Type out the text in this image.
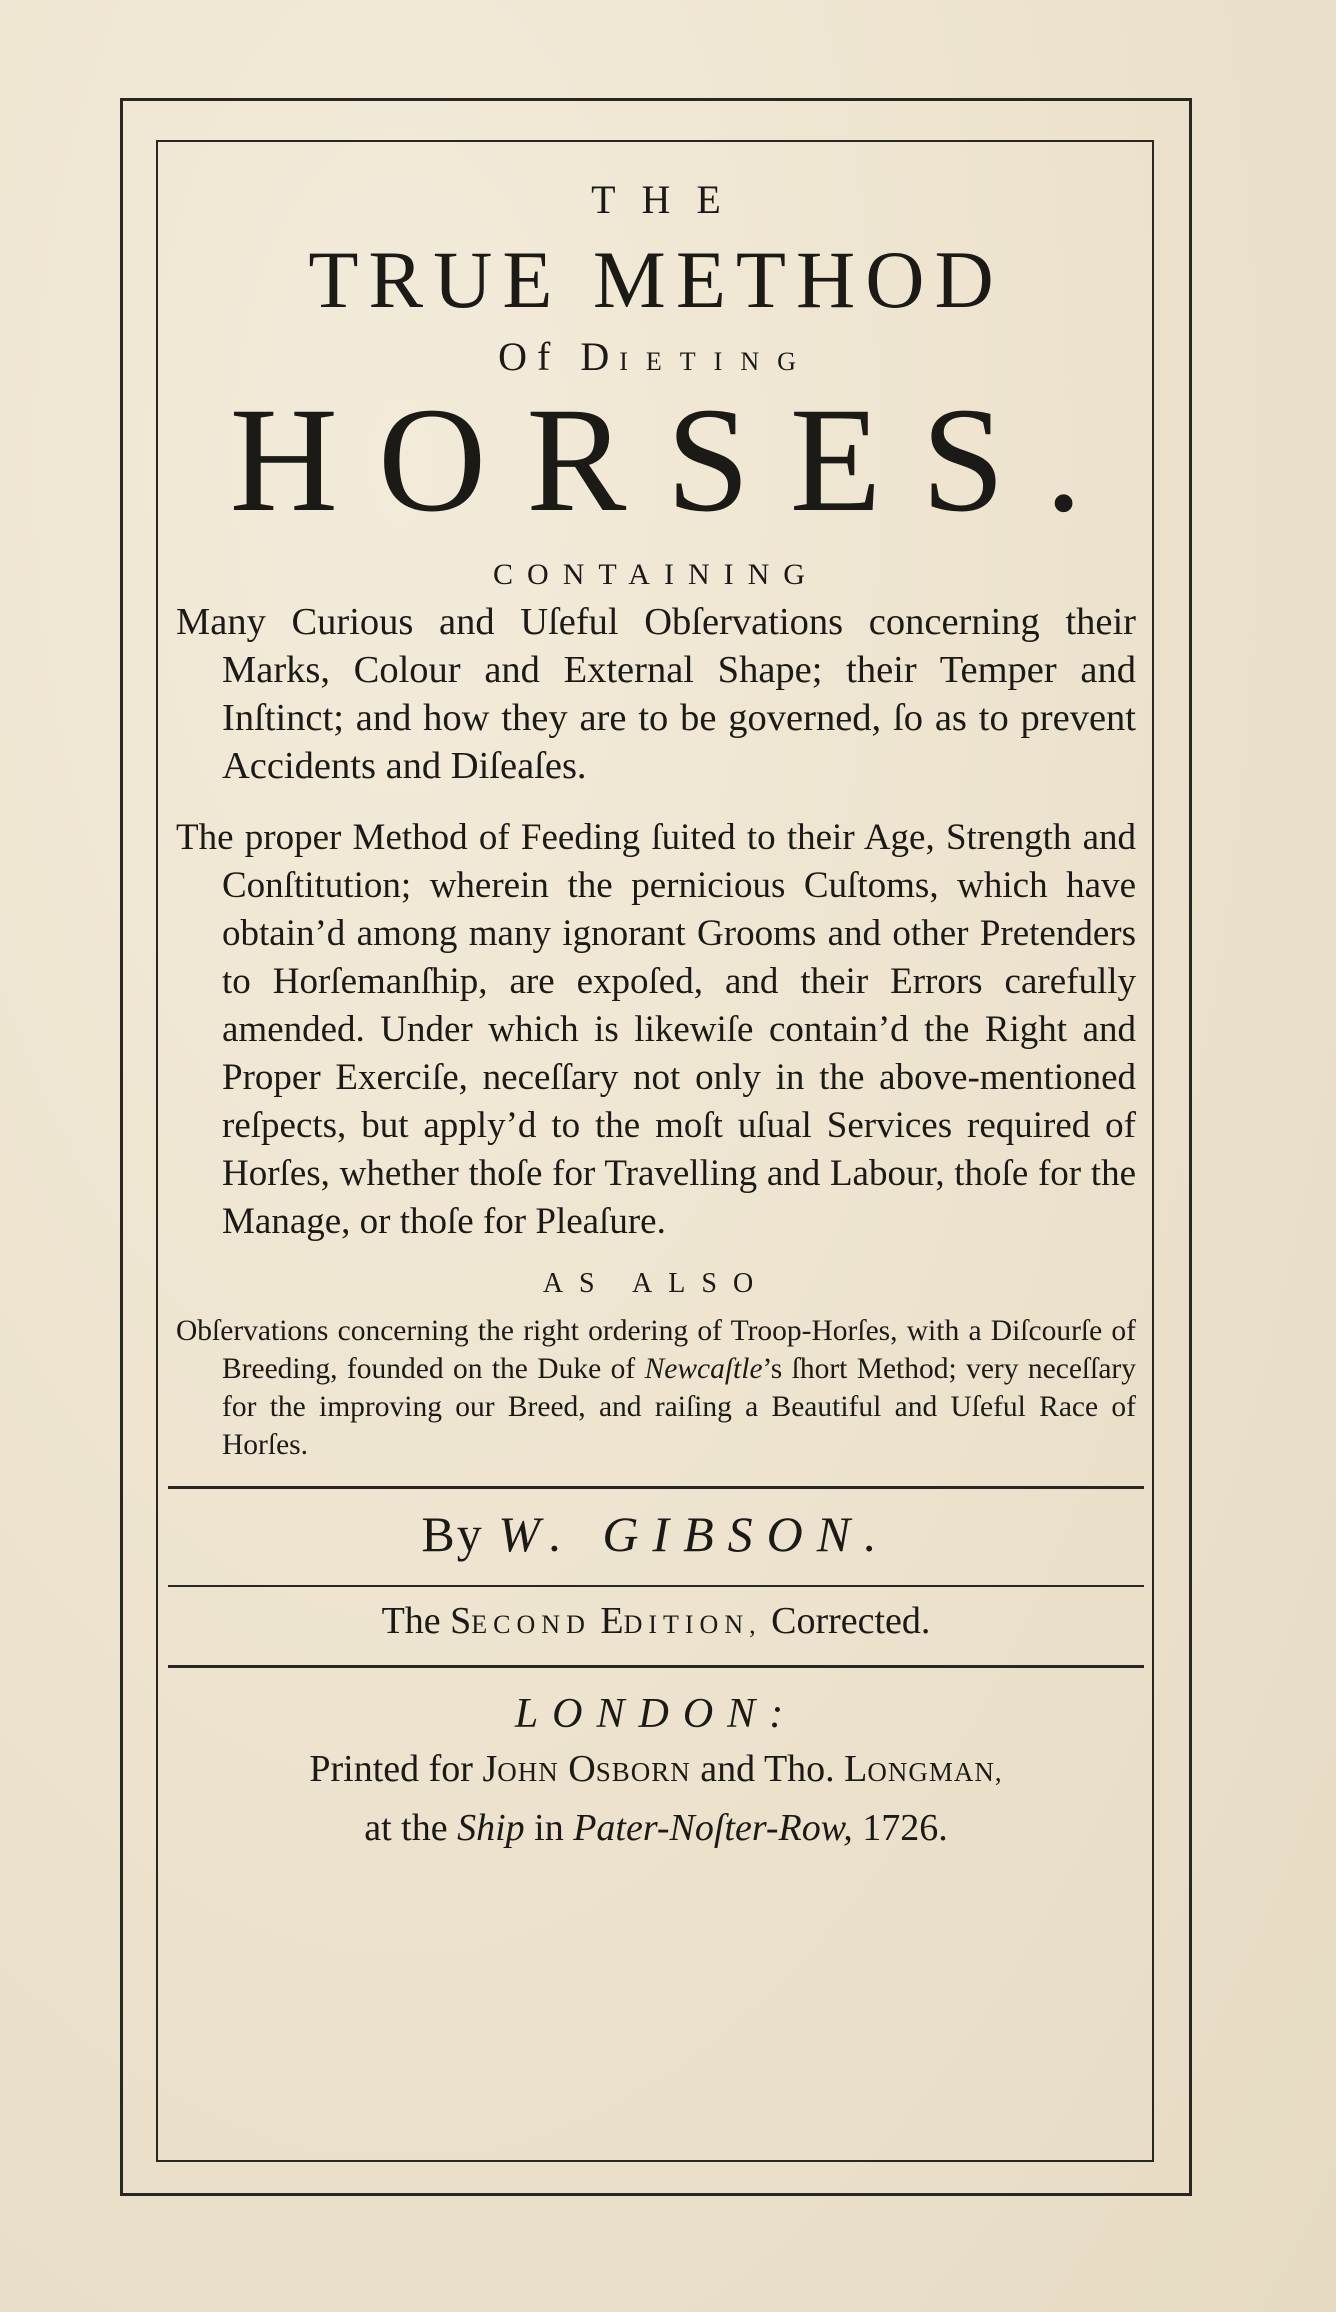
THE
TRUE METHOD
Of DIETING
HORSES.
CONTAINING

Many Curious and Uſeful Obſervations concerning their Marks, Colour and External Shape; their Temper and Inſtinct; and how they are to be governed, ſo as to prevent Accidents and Diſeaſes.

The proper Method of Feeding ſuited to their Age, Strength and Conſtitution; wherein the pernicious Cuſtoms, which have obtain’d among many ignorant Grooms and other Pretenders to Horſemanſhip, are expoſed, and their Errors carefully amended. Under which is likewiſe contain’d the Right and Proper Exerciſe, neceſſary not only in the above-mentioned reſpects, but apply’d to the moſt uſual Services required of Horſes, whether thoſe for Travelling and Labour, thoſe for the Manage, or thoſe for Pleaſure.

AS ALSO

Obſervations concerning the right ordering of Troop-Horſes, with a Diſcourſe of Breeding, founded on the Duke of Newcaſtle’s ſhort Method; very neceſſary for the improving our Breed, and raiſing a Beautiful and Uſeful Race of Horſes.

By W. GIBSON.
The SECOND EDITION, Corrected.
LONDON:
Printed for JOHN OSBORN and Tho. LONGMAN,
at the Ship in Pater-Noſter-Row, 1726.
